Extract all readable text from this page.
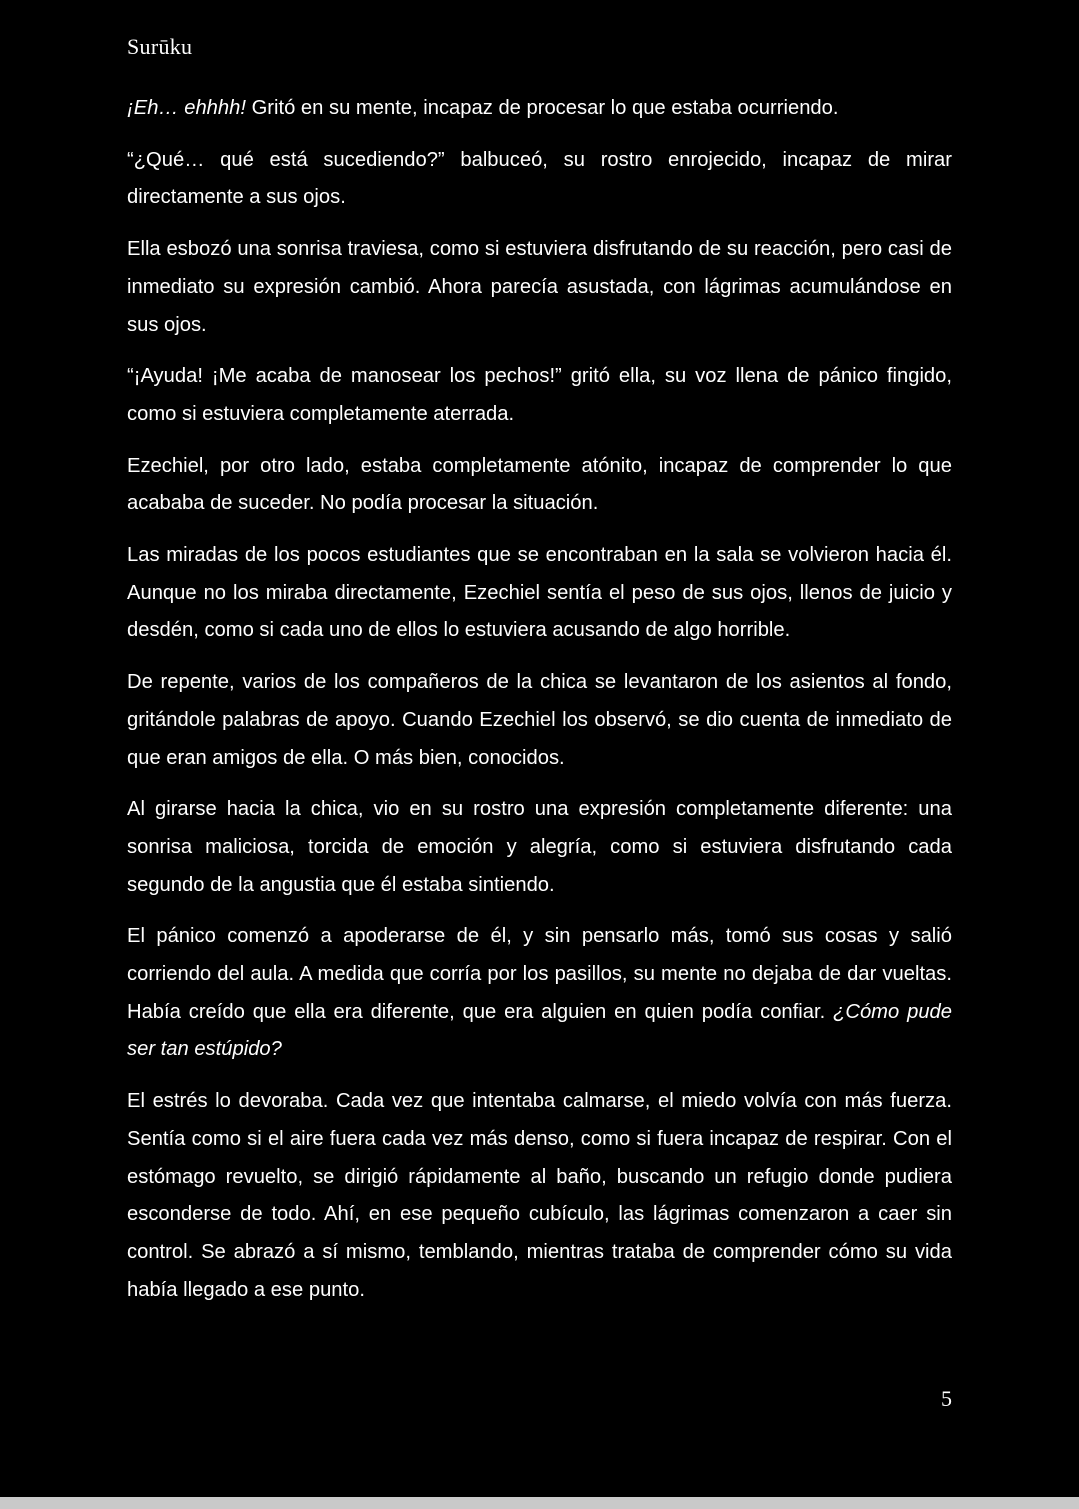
Surūku

¡Eh… ehhhh! Gritó en su mente, incapaz de procesar lo que estaba ocurriendo.

“¿Qué… qué está sucediendo?” balbuceó, su rostro enrojecido, incapaz de mirar directamente a sus ojos.

Ella esbozó una sonrisa traviesa, como si estuviera disfrutando de su reacción, pero casi de inmediato su expresión cambió. Ahora parecía asustada, con lágrimas acumulándose en sus ojos.

“¡Ayuda! ¡Me acaba de manosear los pechos!” gritó ella, su voz llena de pánico fingido, como si estuviera completamente aterrada.

Ezechiel, por otro lado, estaba completamente atónito, incapaz de comprender lo que acababa de suceder. No podía procesar la situación.

Las miradas de los pocos estudiantes que se encontraban en la sala se volvieron hacia él. Aunque no los miraba directamente, Ezechiel sentía el peso de sus ojos, llenos de juicio y desdén, como si cada uno de ellos lo estuviera acusando de algo horrible.

De repente, varios de los compañeros de la chica se levantaron de los asientos al fondo, gritándole palabras de apoyo. Cuando Ezechiel los observó, se dio cuenta de inmediato de que eran amigos de ella. O más bien, conocidos.

Al girarse hacia la chica, vio en su rostro una expresión completamente diferente: una sonrisa maliciosa, torcida de emoción y alegría, como si estuviera disfrutando cada segundo de la angustia que él estaba sintiendo.

El pánico comenzó a apoderarse de él, y sin pensarlo más, tomó sus cosas y salió corriendo del aula. A medida que corría por los pasillos, su mente no dejaba de dar vueltas. Había creído que ella era diferente, que era alguien en quien podía confiar. ¿Cómo pude ser tan estúpido?

El estrés lo devoraba. Cada vez que intentaba calmarse, el miedo volvía con más fuerza. Sentía como si el aire fuera cada vez más denso, como si fuera incapaz de respirar. Con el estómago revuelto, se dirigió rápidamente al baño, buscando un refugio donde pudiera esconderse de todo. Ahí, en ese pequeño cubículo, las lágrimas comenzaron a caer sin control. Se abrazó a sí mismo, temblando, mientras trataba de comprender cómo su vida había llegado a ese punto.

5
